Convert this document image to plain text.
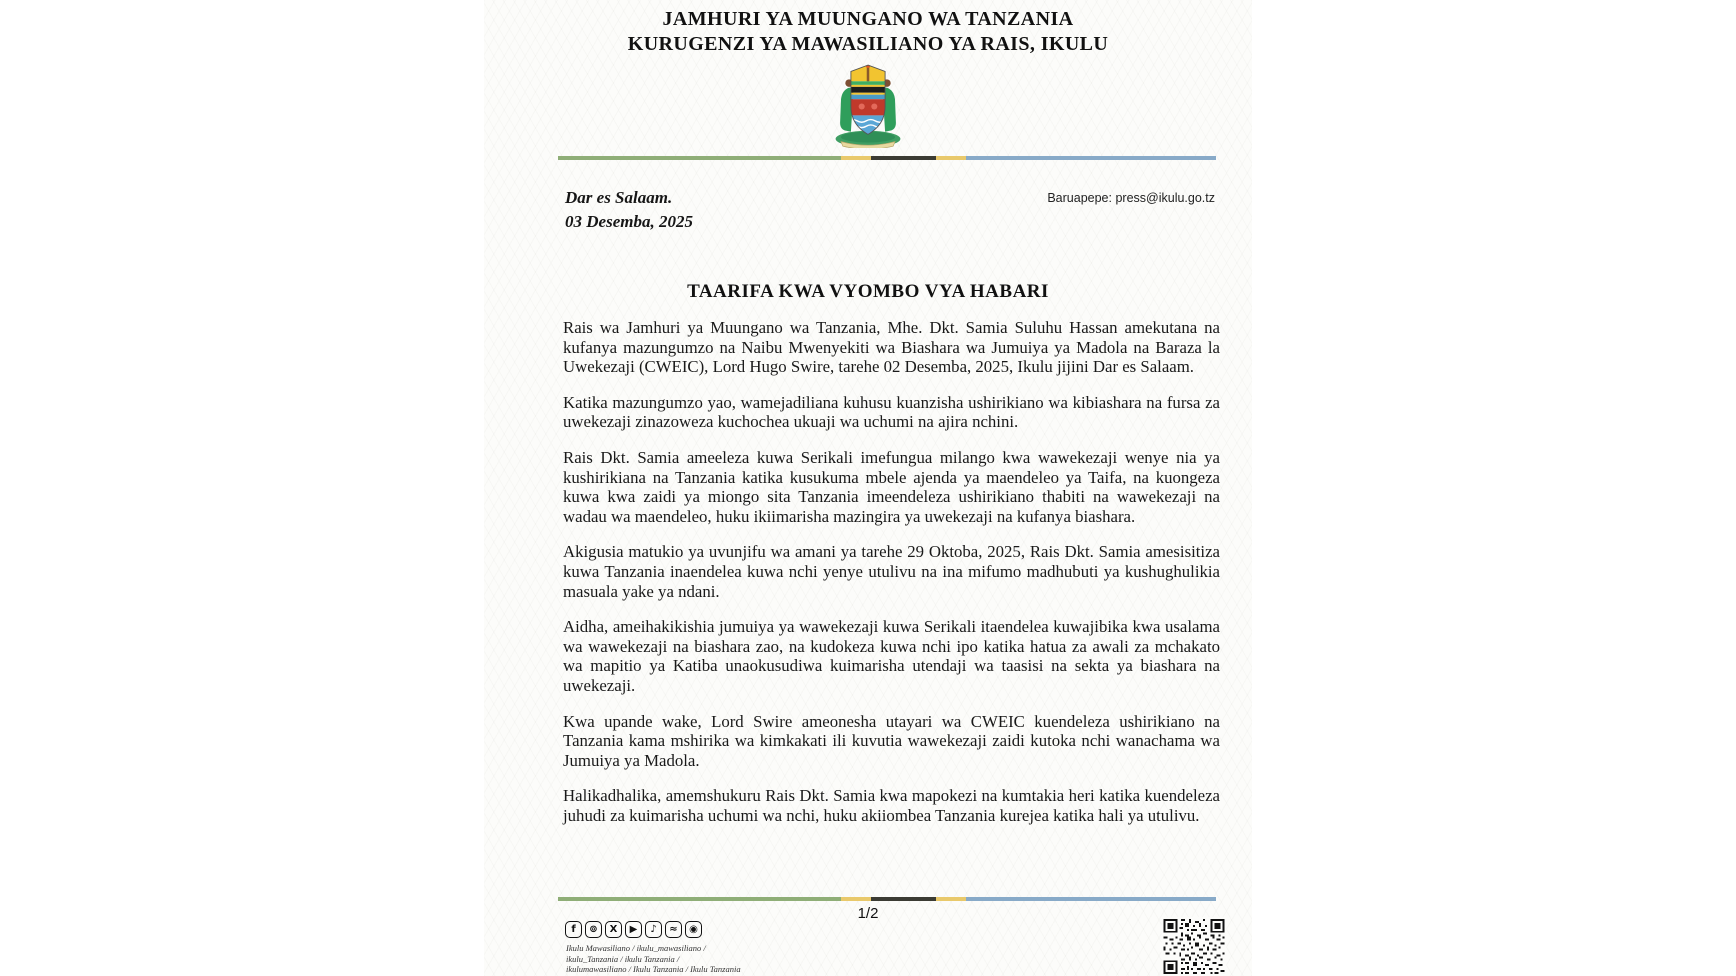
JAMHURI YA MUUNGANO WA TANZANIA
KURUGENZI YA MAWASILIANO YA RAIS, IKULU
Dar es Salaam.
03 Desemba, 2025
Baruapepe: press@ikulu.go.tz
TAARIFA KWA VYOMBO VYA HABARI

Rais wa Jamhuri ya Muungano wa Tanzania, Mhe. Dkt. Samia Suluhu Hassan amekutana na kufanya mazungumzo na Naibu Mwenyekiti wa Biashara wa Jumuiya ya Madola na Baraza la Uwekezaji (CWEIC), Lord Hugo Swire, tarehe 02 Desemba, 2025, Ikulu jijini Dar es Salaam.

Katika mazungumzo yao, wamejadiliana kuhusu kuanzisha ushirikiano wa kibiashara na fursa za uwekezaji zinazoweza kuchochea ukuaji wa uchumi na ajira nchini.

Rais Dkt. Samia ameeleza kuwa Serikali imefungua milango kwa wawekezaji wenye nia ya kushirikiana na Tanzania katika kusukuma mbele ajenda ya maendeleo ya Taifa, na kuongeza kuwa kwa zaidi ya miongo sita Tanzania imeendeleza ushirikiano thabiti na wawekezaji na wadau wa maendeleo, huku ikiimarisha mazingira ya uwekezaji na kufanya biashara.

Akigusia matukio ya uvunjifu wa amani ya tarehe 29 Oktoba, 2025, Rais Dkt. Samia amesisitiza kuwa Tanzania inaendelea kuwa nchi yenye utulivu na ina mifumo madhubuti ya kushughulikia masuala yake ya ndani.

Aidha, ameihakikishia jumuiya ya wawekezaji kuwa Serikali itaendelea kuwajibika kwa usalama wa wawekezaji na biashara zao, na kudokeza kuwa nchi ipo katika hatua za awali za mchakato wa mapitio ya Katiba unaokusudiwa kuimarisha utendaji wa taasisi na sekta ya biashara na uwekezaji.

Kwa upande wake, Lord Swire ameonesha utayari wa CWEIC kuendeleza ushirikiano na Tanzania kama mshirika wa kimkakati ili kuvutia wawekezaji zaidi kutoka nchi wanachama wa Jumuiya ya Madola.

Halikadhalika, amemshukuru Rais Dkt. Samia kwa mapokezi na kumtakia heri katika kuendeleza juhudi za kuimarisha uchumi wa nchi, huku akiiombea Tanzania kurejea katika hali ya utulivu.

1/2
f	⊚	X	▶	♪	≈	◉
Ikulu Mawasiliano / ikulu_mawasiliano /
ikulu_Tanzania / ikulu Tanzania /
ikulumawasiliano / Ikulu Tanzania / Ikulu Tanzania
